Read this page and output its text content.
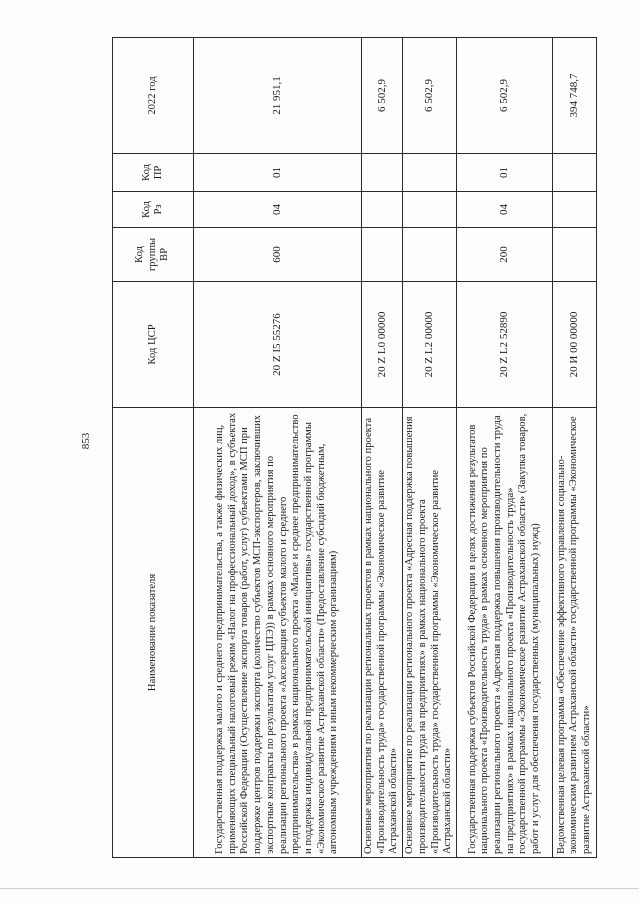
853
Наименование показателя	Код ЦСР	Код группы ВР	Код Рз	Код ПР	2022 год
Государственная поддержка малого и среднего предпринимательства, а также физических лиц, применяющих специальный налоговый режим «Налог на профессиональный доход», в субъектах Российской Федерации (Осуществление экспорта товаров (работ, услуг) субъектами МСП при поддержке центров поддержки экспорта (количество субъектов МСП-экспортеров, заключивших экспортные контракты по результатам услуг ЦПЭ)) в рамках основного мероприятия по реализации регионального проекта «Акселерация субъектов малого и среднего предпринимательства» в рамках национального проекта «Малое и среднее предпринимательство и поддержка индивидуальной предпринимательской инициативы» государственной программы «Экономическое развитие Астраханской области» (Предоставление субсидий бюджетным, автономным учреждениям и иным некоммерческим организациям)	20 Z I5 55276	600	04	01	21 951,1
Основные мероприятия по реализации региональных проектов в рамках национального проекта «Производительность труда» государственной программы «Экономическое развитие Астраханской области»	20 Z L0 00000				6 502,9
Основное мероприятие по реализации регионального проекта «Адресная поддержка повышения производительности труда на предприятиях» в рамках национального проекта «Производительность труда» государственной программы «Экономическое развитие Астраханской области»	20 Z L2 00000				6 502,9
Государственная поддержка субъектов Российской Федерации в целях достижения результатов национального проекта «Производительность труда» в рамках основного мероприятия по реализации регионального проекта «Адресная поддержка повышения производительности труда на предприятиях» в рамках национального проекта «Производительность труда» государственной программы «Экономическое развитие Астраханской области» (Закупка товаров, работ и услуг для обеспечения государственных (муниципальных) нужд)	20 Z L2 52890	200	04	01	6 502,9
Ведомственная целевая программа «Обеспечение эффективного управления социально-экономическим развитием Астраханской области» государственной программы «Экономическое развитие Астраханской области»	20 И 00 00000				394 748,7
